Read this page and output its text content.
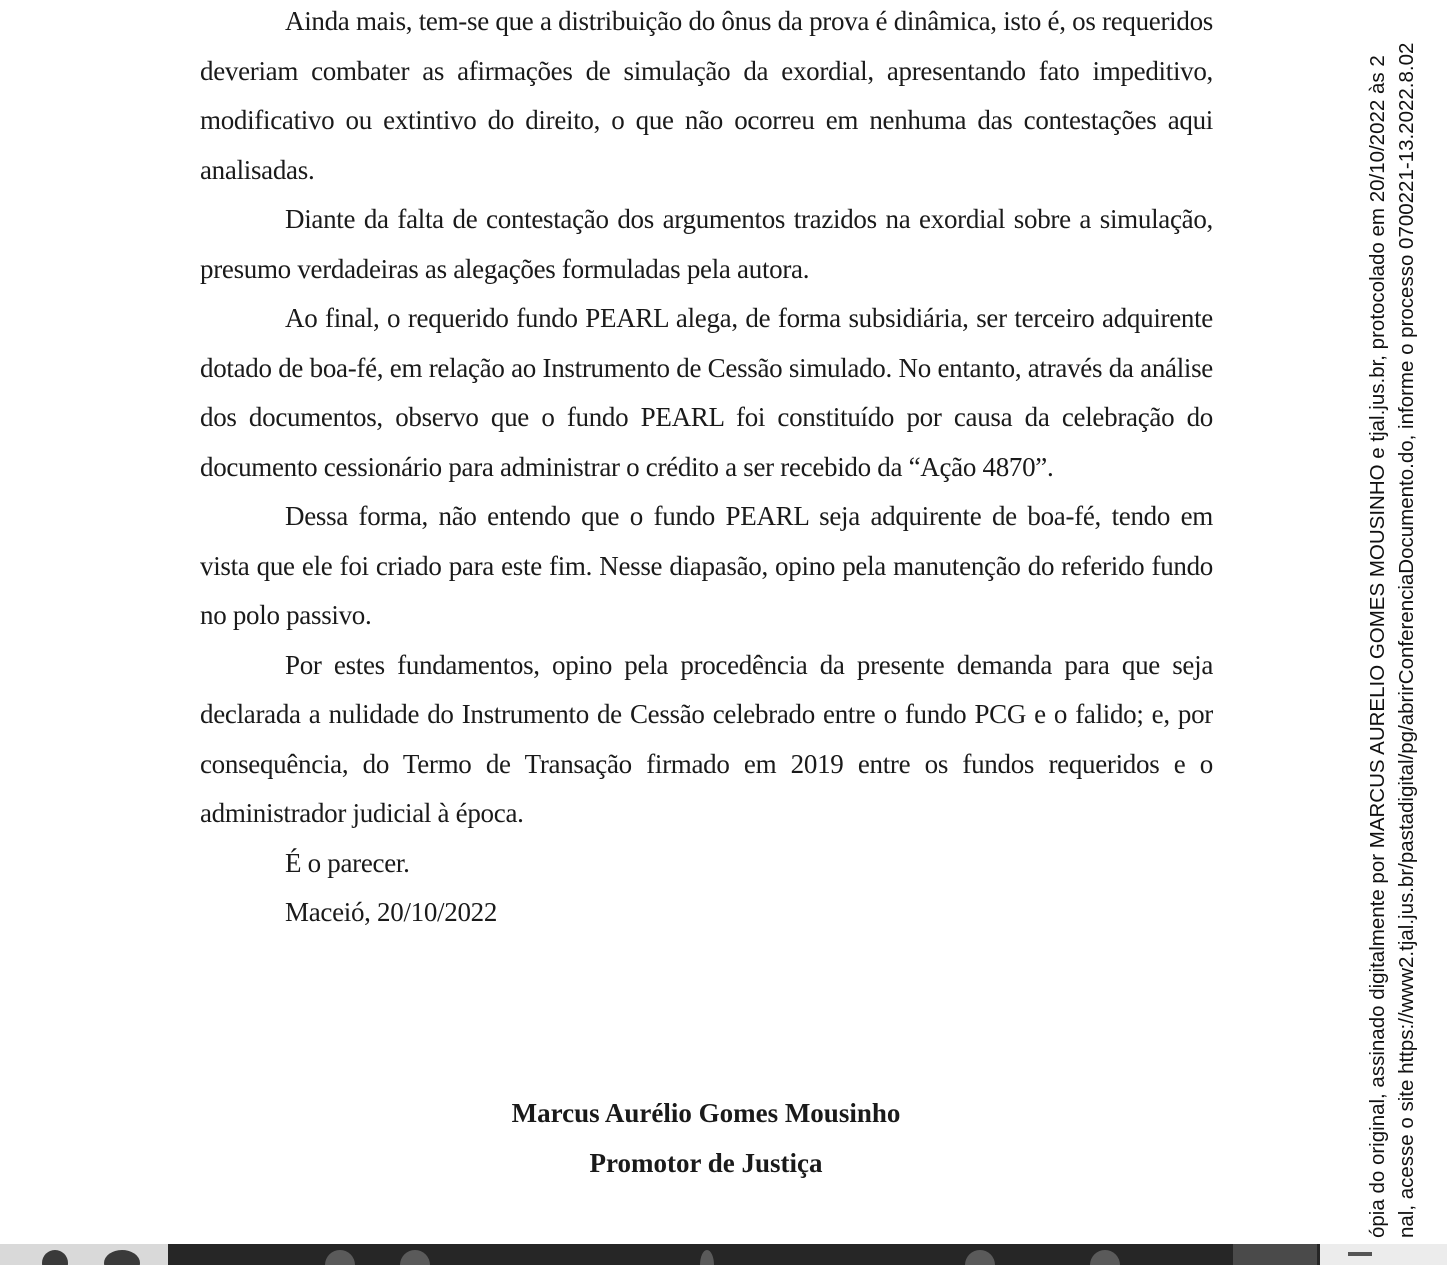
Ainda mais, tem-se que a distribuição do ônus da prova é dinâmica, isto é, os requeridos deveriam combater as afirmações de simulação da exordial, apresentando fato impeditivo, modificativo ou extintivo do direito, o que não ocorreu em nenhuma das contestações aqui analisadas.

Diante da falta de contestação dos argumentos trazidos na exordial sobre a simulação, presumo verdadeiras as alegações formuladas pela autora.

Ao final, o requerido fundo PEARL alega, de forma subsidiária, ser terceiro adquirente dotado de boa-fé, em relação ao Instrumento de Cessão simulado. No entanto, através da análise dos documentos, observo que o fundo PEARL foi constituído por causa da celebração do documento cessionário para administrar o crédito a ser recebido da “Ação 4870”.

Dessa forma, não entendo que o fundo PEARL seja adquirente de boa-fé, tendo em vista que ele foi criado para este fim. Nesse diapasão, opino pela manutenção do referido fundo no polo passivo.

Por estes fundamentos, opino pela procedência da presente demanda para que seja declarada a nulidade do Instrumento de Cessão celebrado entre o fundo PCG e o falido; e, por consequência, do Termo de Transação firmado em 2019 entre os fundos requeridos e o administrador judicial à época.

É o parecer.

Maceió, 20/10/2022

Marcus Aurélio Gomes Mousinho
Promotor de Justiça	ópia do original, assinado digitalmente por MARCUS AURELIO GOMES MOUSINHO e tjal.jus.br, protocolado em 20/10/2022 às 2 nal, acesse o site https://www2.tjal.jus.br/pastadigital/pg/abrirConferenciaDocumento.do, informe o processo 0700221-13.2022.8.02
